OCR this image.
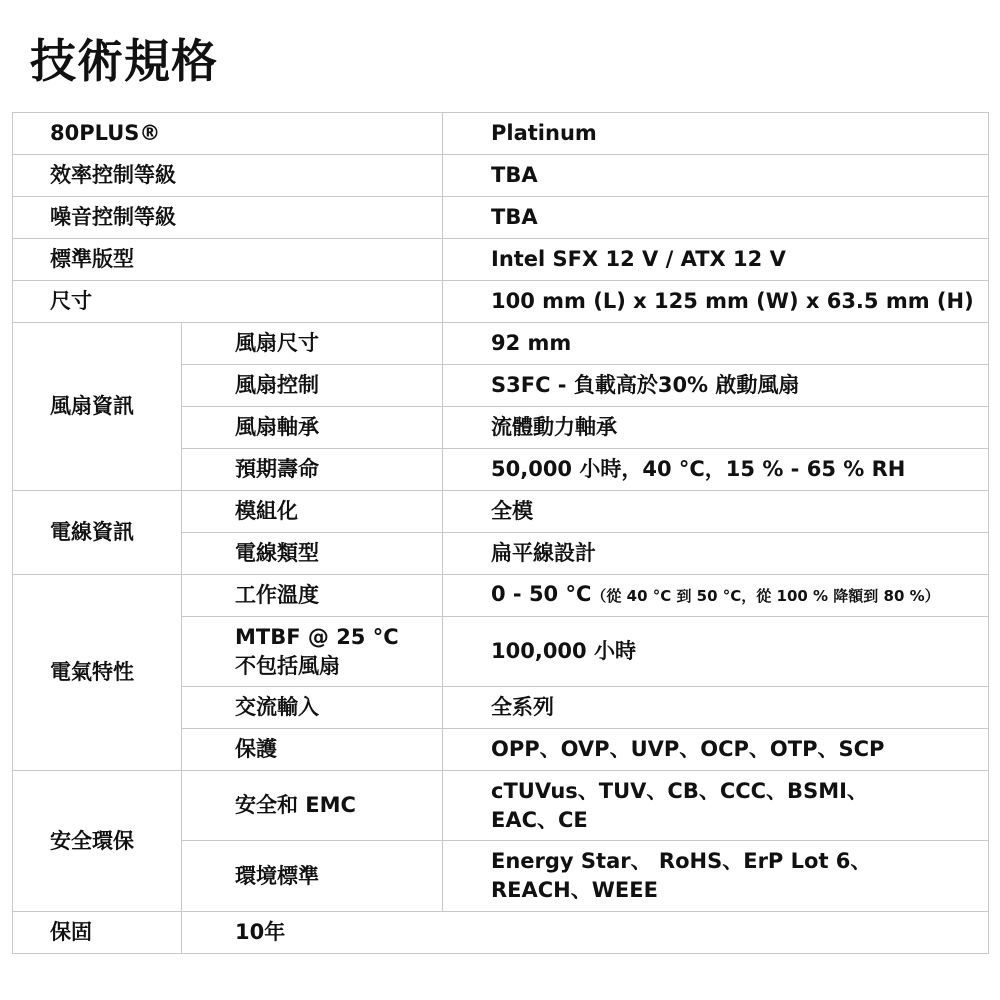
技術規格
80PLUS®		Platinum
效率控制等級		TBA
噪音控制等級		TBA
標準版型		Intel SFX 12 V / ATX 12 V
尺寸		100 mm (L) x 125 mm (W) x 63.5 mm (H)
風扇資訊	風扇尺寸	92 mm
	風扇控制	S3FC - 負載高於30% 啟動風扇
	風扇軸承	流體動力軸承
	預期壽命	50,000 小時，40 °C，15 % - 65 % RH
電線資訊	模組化	全模
	電線類型	扁平線設計
電氣特性	工作溫度	0 - 50 °C（從 40 °C 到 50 °C，從 100 % 降額到 80 %）

	MTBF @ 25 °C
不包括風扇	100,000 小時
	交流輸入	全系列
	保護	OPP、OVP、UVP、OCP、OTP、SCP
安全環保	安全和 EMC	cTUVus、TUV、CB、CCC、BSMI、
EAC、CE

	環境標準	Energy Star、 RoHS、ErP Lot 6、
REACH、WEEE

保固	10年	
